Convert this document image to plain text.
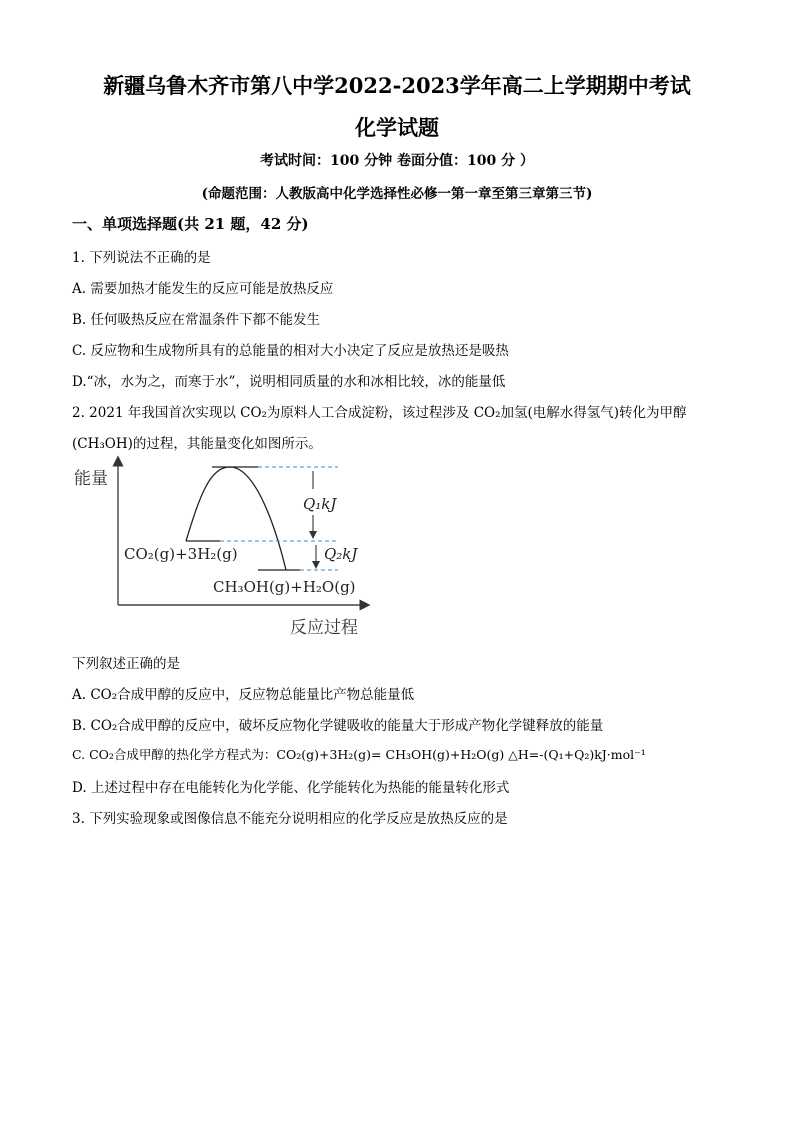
新疆乌鲁木齐市第八中学2022-2023学年高二上学期期中考试
化学试题
考试时间：100 分钟 卷面分值：100 分 ）
(命题范围：人教版高中化学选择性必修一第一章至第三章第三节)
一、单项选择题(共 21 题，42 分)
1. 下列说法不正确的是
A. 需要加热才能发生的反应可能是放热反应
B. 任何吸热反应在常温条件下都不能发生
C. 反应物和生成物所具有的总能量的相对大小决定了反应是放热还是吸热
D.“冰，水为之，而寒于水”，说明相同质量的水和冰相比较，冰的能量低
2. 2021 年我国首次实现以 CO₂为原料人工合成淀粉，该过程涉及 CO₂加氢(电解水得氢气)转化为甲醇
(CH₃OH)的过程，其能量变化如图所示。
能量
反应过程
Q₁kJ
Q₂kJ
CO₂(g)+3H₂(g)
CH₃OH(g)+H₂O(g)
下列叙述正确的是
A. CO₂合成甲醇的反应中，反应物总能量比产物总能量低
B. CO₂合成甲醇的反应中，破坏反应物化学键吸收的能量大于形成产物化学键释放的能量
C. CO₂合成甲醇的热化学方程式为：CO₂(g)+3H₂(g)= CH₃OH(g)+H₂O(g) △H=-(Q₁+Q₂)kJ·mol⁻¹
D. 上述过程中存在电能转化为化学能、化学能转化为热能的能量转化形式
3. 下列实验现象或图像信息不能充分说明相应的化学反应是放热反应的是
